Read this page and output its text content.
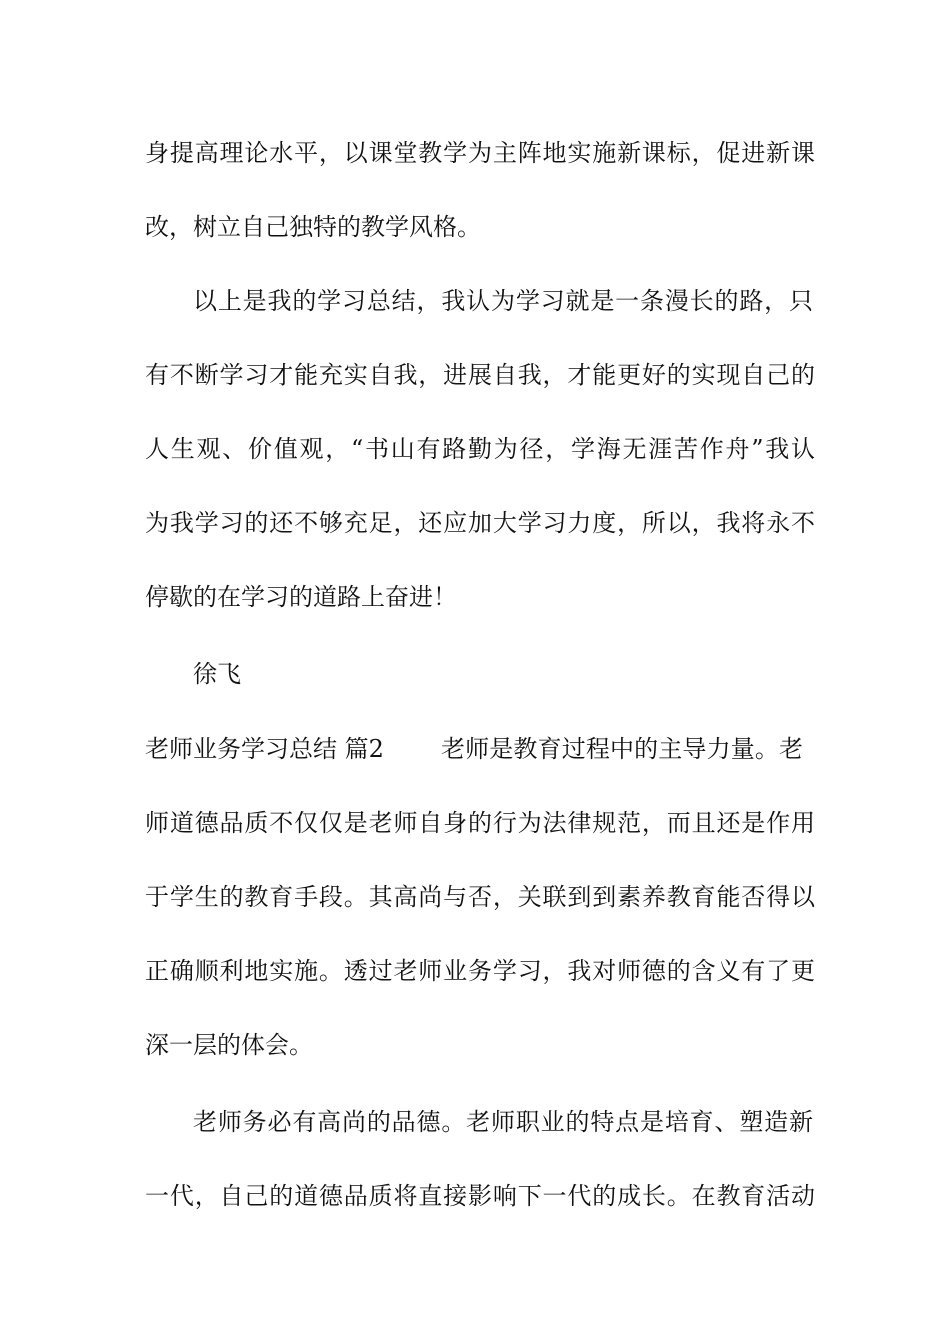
身提高理论水平，以课堂教学为主阵地实施新课标，促进新课
改，树立自己独特的教学风格。
以上是我的学习总结，我认为学习就是一条漫长的路，只
有不断学习才能充实自我，进展自我，才能更好的实现自己的
人生观、价值观，“书山有路勤为径，学海无涯苦作舟”我认
为我学习的还不够充足，还应加大学习力度，所以，我将永不
停歇的在学习的道路上奋进！
徐飞
老师业务学习总结 篇2 老师是教育过程中的主导力量。老
师道德品质不仅仅是老师自身的行为法律规范，而且还是作用
于学生的教育手段。其高尚与否，关联到到素养教育能否得以
正确顺利地实施。透过老师业务学习，我对师德的含义有了更
深一层的体会。
老师务必有高尚的品德。老师职业的特点是培育、塑造新
一代，自己的道德品质将直接影响下一代的成长。在教育活动
